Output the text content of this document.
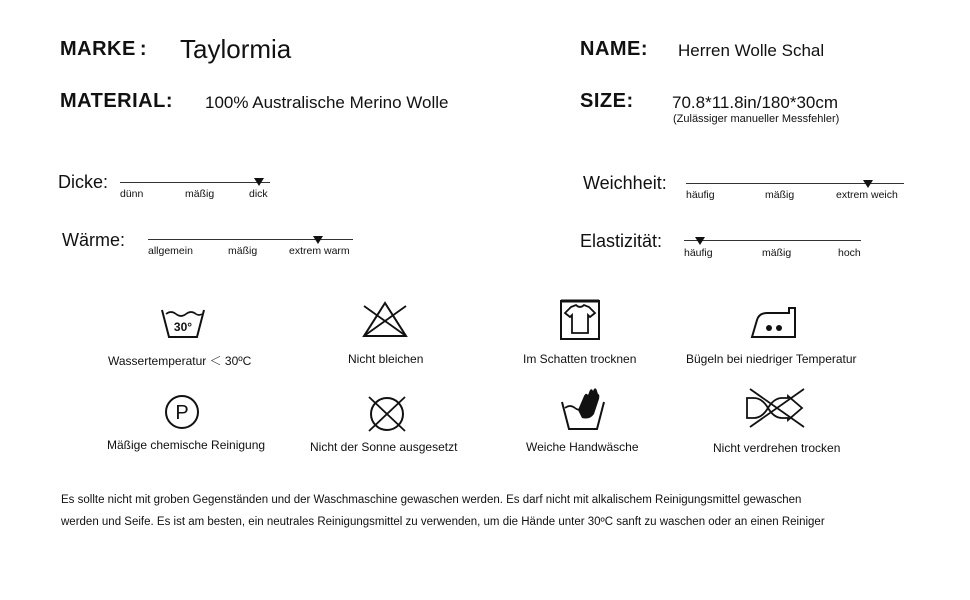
MARKE : Taylormia	NAME: Herren Wolle Schal
MATERIAL: 100% Australische Merino Wolle	SIZE: 70.8*11.8in/180*30cm
(Zulässiger manueller Messfehler)
Dicke:
dünn	mäßig	dick
Wärme:
allgemein	mäßig	extrem warm
Weichheit:
häufig	mäßig	extrem weich
Elastizität:
häufig	mäßig	hoch
30°
Wassertemperatur ＜ 30ºC	Nicht bleichen	Im Schatten trocknen	Bügeln bei niedriger Temperatur
P
Mäßige chemische Reinigung	Nicht der Sonne ausgesetzt	Weiche Handwäsche	Nicht verdrehen trocken
Es sollte nicht mit groben Gegenständen und der Waschmaschine gewaschen werden. Es darf nicht mit alkalischem Reinigungsmittel gewaschen
werden und Seife. Es ist am besten, ein neutrales Reinigungsmittel zu verwenden, um die Hände unter 30ºC sanft zu waschen oder an einen Reiniger
